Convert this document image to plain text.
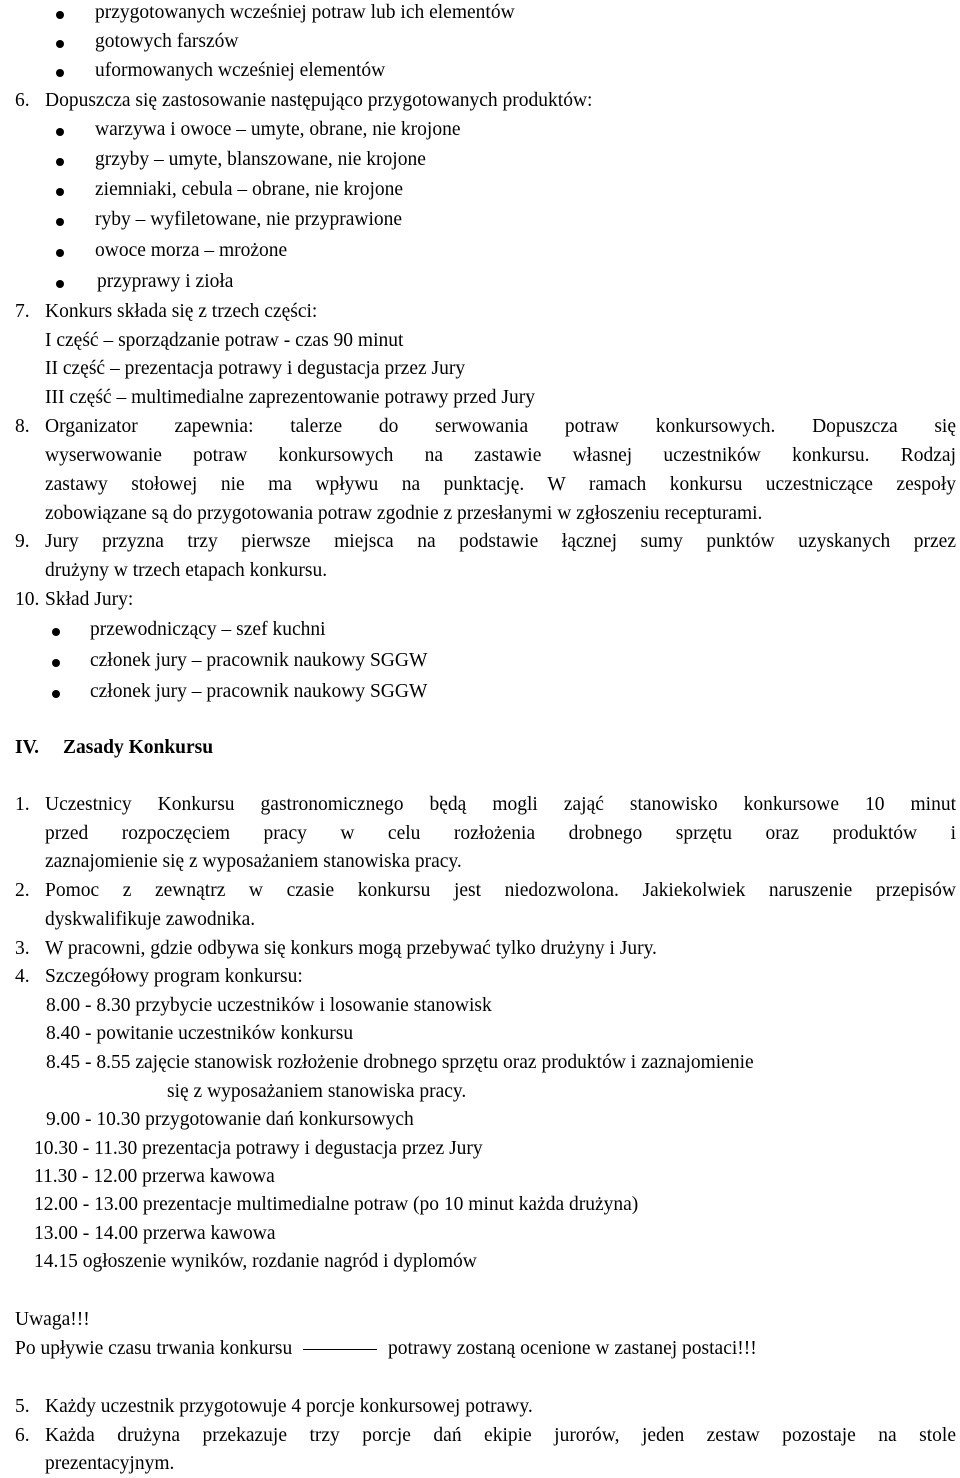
przygotowanych wcześniej potraw lub ich elementów
gotowych farszów
uformowanych wcześniej elementów
6. Dopuszcza się zastosowanie następująco przygotowanych produktów:
warzywa i owoce – umyte, obrane, nie krojone
grzyby – umyte, blanszowane, nie krojone
ziemniaki, cebula – obrane, nie krojone
ryby – wyfiletowane, nie przyprawione
owoce morza – mrożone
przyprawy i zioła
7. Konkurs składa się z trzech części:
I część – sporządzanie potraw - czas 90 minut
II część – prezentacja potrawy i degustacja przez Jury
III część – multimedialne zaprezentowanie potrawy przed Jury
8. Organizator zapewnia: talerze do serwowania potraw konkursowych. Dopuszcza się
wyserwowanie potraw konkursowych na zastawie własnej uczestników konkursu. Rodzaj
zastawy stołowej nie ma wpływu na punktację. W ramach konkursu uczestniczące zespoły
zobowiązane są do przygotowania potraw zgodnie z przesłanymi w zgłoszeniu recepturami.
9. Jury przyzna trzy pierwsze miejsca na podstawie łącznej sumy punktów uzyskanych przez
drużyny w trzech etapach konkursu.
10. Skład Jury:
przewodniczący – szef kuchni
członek jury – pracownik naukowy SGGW
członek jury – pracownik naukowy SGGW
IV. Zasady Konkursu
1. Uczestnicy Konkursu gastronomicznego będą mogli zająć stanowisko konkursowe 10 minut
przed rozpoczęciem pracy w celu rozłożenia drobnego sprzętu oraz produktów i
zaznajomienie się z wyposażaniem stanowiska pracy.
2. Pomoc z zewnątrz w czasie konkursu jest niedozwolona. Jakiekolwiek naruszenie przepisów
dyskwalifikuje zawodnika.
3. W pracowni, gdzie odbywa się konkurs mogą przebywać tylko drużyny i Jury.
4. Szczegółowy program konkursu:
8.00 - 8.30 przybycie uczestników i losowanie stanowisk
8.40 - powitanie uczestników konkursu
8.45 - 8.55 zajęcie stanowisk rozłożenie drobnego sprzętu oraz produktów i zaznajomienie
się z wyposażaniem stanowiska pracy.
9.00 - 10.30 przygotowanie dań konkursowych
10.30 - 11.30 prezentacja potrawy i degustacja przez Jury
11.30 - 12.00 przerwa kawowa
12.00 - 13.00 prezentacje multimedialne potraw (po 10 minut każda drużyna)
13.00 - 14.00 przerwa kawowa
14.15 ogłoszenie wyników, rozdanie nagród i dyplomów
Uwaga!!!
Po upływie czasu trwania konkursu	potrawy zostaną ocenione w zastanej postaci!!!
5. Każdy uczestnik przygotowuje 4 porcje konkursowej potrawy.
6. Każda drużyna przekazuje trzy porcje dań ekipie jurorów, jeden zestaw pozostaje na stole
prezentacyjnym.
